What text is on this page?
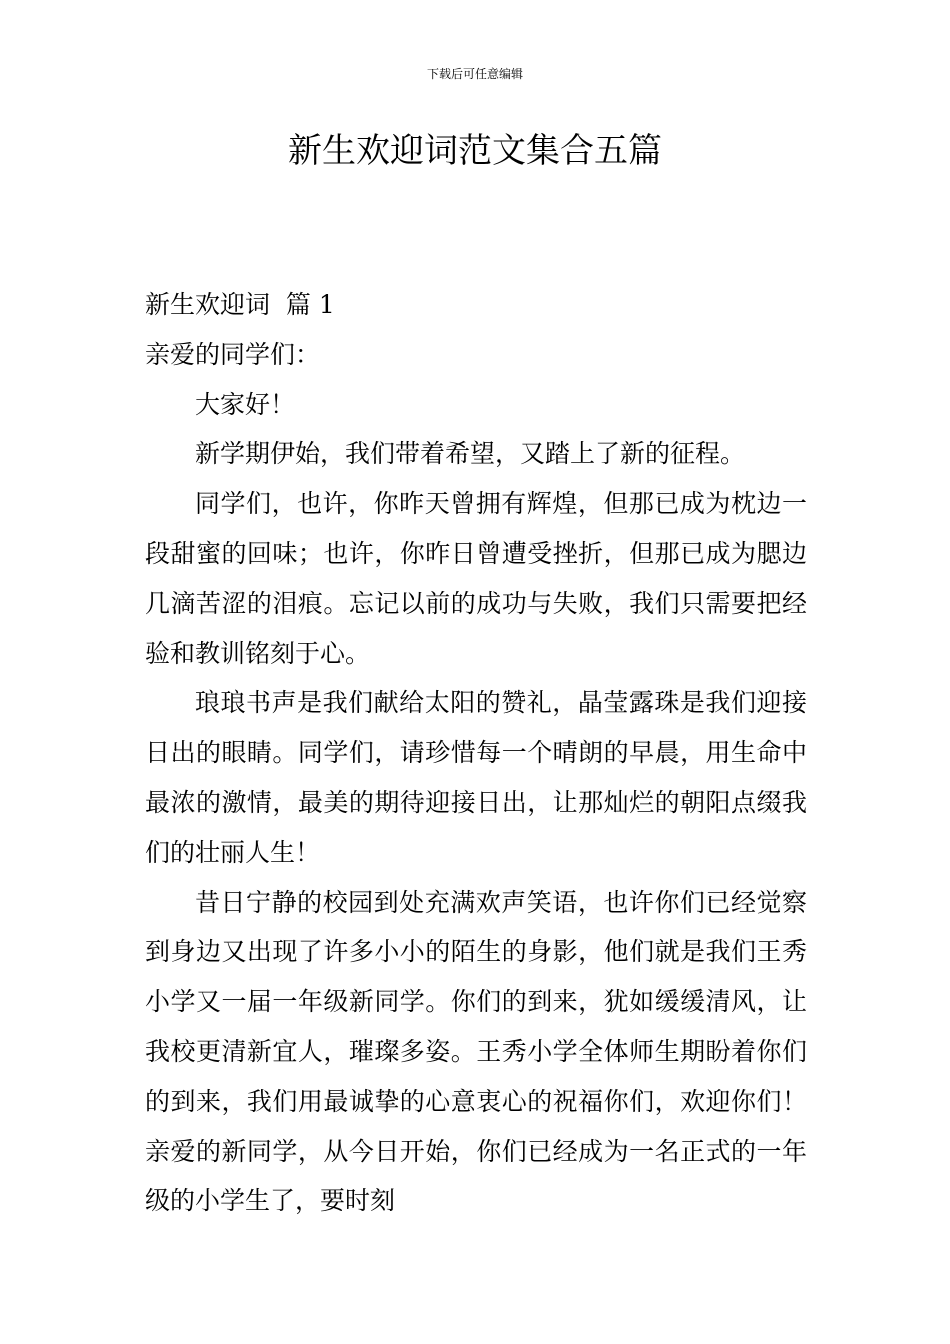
下载后可任意编辑
新生欢迎词范文集合五篇

新生欢迎词  篇 1

亲爱的同学们：

大家好！

新学期伊始，我们带着希望，又踏上了新的征程。

同学们，也许，你昨天曾拥有辉煌，但那已成为枕边一段甜蜜的回味；也许，你昨日曾遭受挫折，但那已成为腮边几滴苦涩的泪痕。忘记以前的成功与失败，我们只需要把经验和教训铭刻于心。

琅琅书声是我们献给太阳的赞礼，晶莹露珠是我们迎接日出的眼睛。同学们，请珍惜每一个晴朗的早晨，用生命中最浓的激情，最美的期待迎接日出，让那灿烂的朝阳点缀我们的壮丽人生！

昔日宁静的校园到处充满欢声笑语，也许你们已经觉察到身边又出现了许多小小的陌生的身影，他们就是我们王秀小学又一届一年级新同学。你们的到来，犹如缓缓清风，让我校更清新宜人，璀璨多姿。王秀小学全体师生期盼着你们的到来，我们用最诚挚的心意衷心的祝福你们，欢迎你们！亲爱的新同学，从今日开始，你们已经成为一名正式的一年级的小学生了，要时刻
